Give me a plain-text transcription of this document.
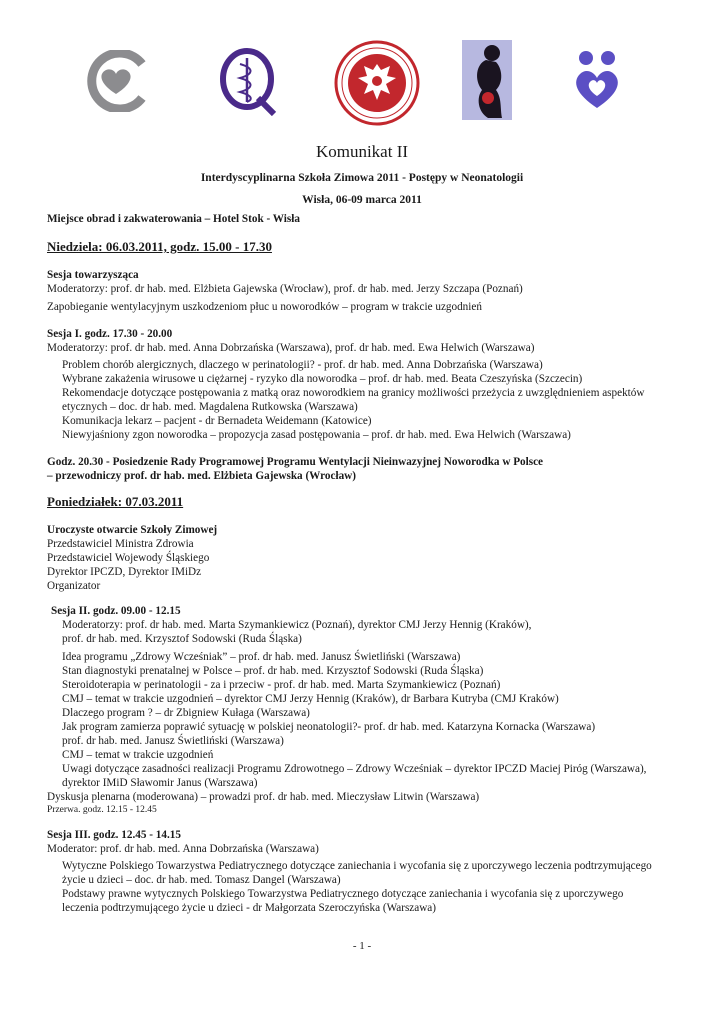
Komunikat II
Interdyscyplinarna Szkoła Zimowa 2011 - Postępy w Neonatologii
Wisła, 06-09 marca 2011
Miejsce obrad i zakwaterowania – Hotel Stok - Wisła
Niedziela: 06.03.2011, godz. 15.00 - 17.30
Sesja towarzysząca
Moderatorzy: prof. dr hab. med. Elżbieta Gajewska (Wrocław), prof. dr hab. med. Jerzy Szczapa (Poznań)
Zapobieganie wentylacyjnym uszkodzeniom płuc u noworodków – program w trakcie uzgodnień
Sesja I. godz. 17.30 - 20.00
Moderatorzy: prof. dr hab. med. Anna Dobrzańska (Warszawa), prof. dr hab. med. Ewa Helwich (Warszawa)
Problem chorób alergicznych, dlaczego w perinatologii? - prof. dr hab. med. Anna Dobrzańska (Warszawa)
Wybrane zakażenia wirusowe u ciężarnej - ryzyko dla noworodka – prof. dr hab. med. Beata Czeszyńska (Szczecin)
Rekomendacje dotyczące postępowania z matką oraz noworodkiem na granicy możliwości przeżycia z uwzględnieniem aspektów
etycznych – doc. dr hab. med. Magdalena Rutkowska (Warszawa)
Komunikacja lekarz – pacjent - dr Bernadeta Weidemann (Katowice)
Niewyjaśniony zgon noworodka – propozycja zasad postępowania – prof. dr hab. med. Ewa Helwich (Warszawa)
Godz. 20.30 - Posiedzenie Rady Programowej Programu Wentylacji Nieinwazyjnej Noworodka w Polsce
– przewodniczy prof. dr hab. med. Elżbieta Gajewska (Wrocław)
Poniedziałek: 07.03.2011
Uroczyste otwarcie Szkoły Zimowej
Przedstawiciel Ministra Zdrowia
Przedstawiciel Wojewody Śląskiego
Dyrektor IPCZD, Dyrektor IMiDz
Organizator
Sesja II. godz. 09.00 - 12.15
Moderatorzy: prof. dr hab. med. Marta Szymankiewicz (Poznań), dyrektor CMJ Jerzy Hennig (Kraków),
prof. dr hab. med. Krzysztof Sodowski (Ruda Śląska)
Idea programu „Zdrowy Wcześniak” – prof. dr hab. med. Janusz Świetliński (Warszawa)
Stan diagnostyki prenatalnej w Polsce – prof. dr hab. med. Krzysztof Sodowski (Ruda Śląska)
Steroidoterapia w perinatologii - za i przeciw - prof. dr hab. med. Marta Szymankiewicz (Poznań)
CMJ – temat w trakcie uzgodnień – dyrektor CMJ Jerzy Hennig (Kraków), dr Barbara Kutryba (CMJ Kraków)
Dlaczego program ? – dr Zbigniew Kułaga (Warszawa)
Jak program zamierza poprawić sytuację w polskiej neonatologii?- prof. dr hab. med. Katarzyna Kornacka (Warszawa)
prof. dr hab. med. Janusz Świetliński (Warszawa)
CMJ – temat w trakcie uzgodnień
Uwagi dotyczące zasadności realizacji Programu Zdrowotnego – Zdrowy Wcześniak – dyrektor IPCZD Maciej Piróg (Warszawa),
dyrektor IMiD Sławomir Janus (Warszawa)
Dyskusja plenarna (moderowana) – prowadzi prof. dr hab. med. Mieczysław Litwin (Warszawa)
Przerwa. godz. 12.15 - 12.45
Sesja III. godz. 12.45 - 14.15
Moderator: prof. dr hab. med. Anna Dobrzańska (Warszawa)
Wytyczne Polskiego Towarzystwa Pediatrycznego dotyczące zaniechania i wycofania się z uporczywego leczenia podtrzymującego
życie u dzieci – doc. dr hab. med. Tomasz Dangel (Warszawa)
Podstawy prawne wytycznych Polskiego Towarzystwa Pediatrycznego dotyczące zaniechania i wycofania się z uporczywego
leczenia podtrzymującego życie u dzieci - dr Małgorzata Szeroczyńska (Warszawa)
- 1 -
